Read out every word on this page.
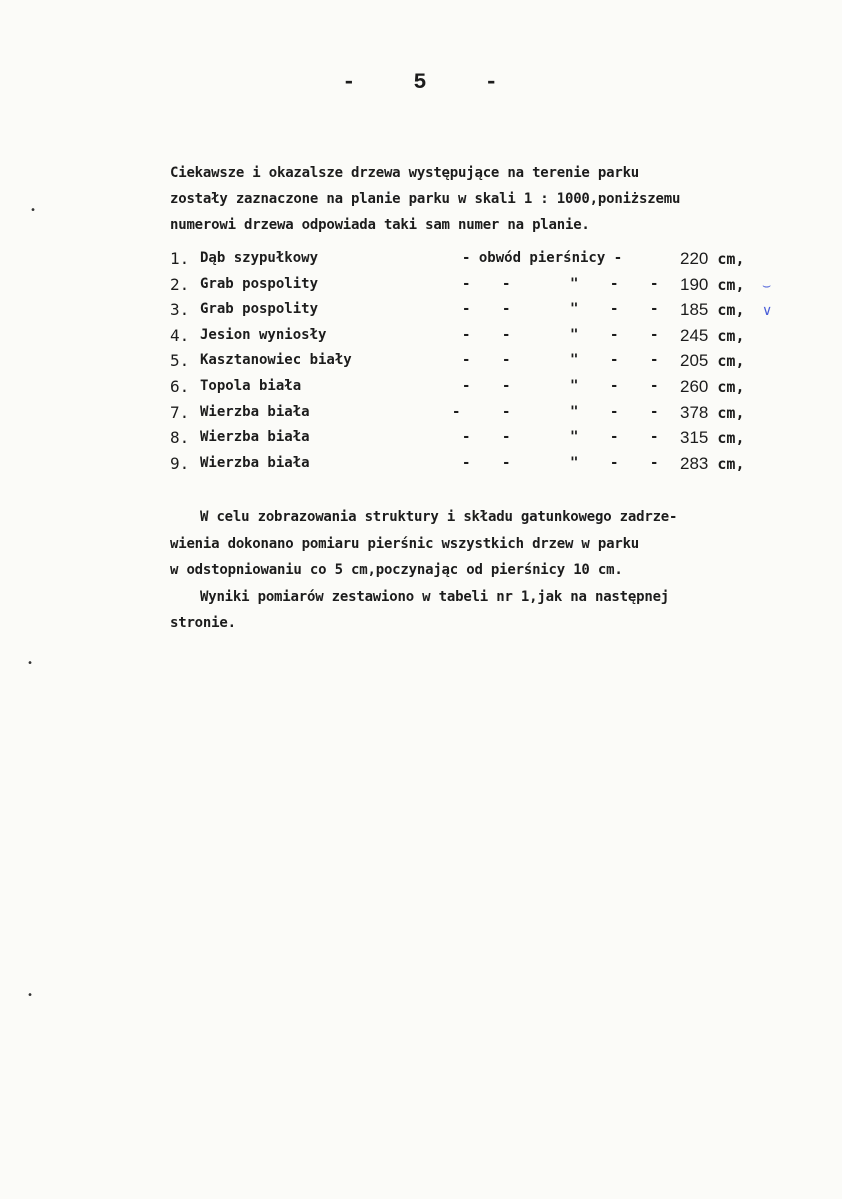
-	5	-

Ciekawsze i okazalsze drzewa występujące na terenie parku

zostały zaznaczone na planie parku w skali 1 : 1000,poniższemu

numerowi drzewa odpowiada taki sam numer na planie.

1. Dąb szypułkowy	- obwód pierśnicy -	220 cm,
2. Grab pospolity	- -	" - - 190 cm, ⌣
3. Grab pospolity	- -	" - - 185 cm, ∨
4. Jesion wyniosły	- -	" - - 245 cm,
5. Kasztanowiec biały	- -	" - - 205 cm,
6. Topola biała	- -	" - - 260 cm,
7. Wierzba biała	-	-	" - - 378 cm,
8. Wierzba biała	- -	" - - 315 cm,
9. Wierzba biała	- -	" - - 283 cm,

W celu zobrazowania struktury i składu gatunkowego zadrze-

wienia dokonano pomiaru pierśnic wszystkich drzew w parku

w odstopniowaniu co 5 cm,poczynając od pierśnicy 10 cm.

Wyniki pomiarów zestawiono w tabeli nr 1,jak na następnej

stronie.

•
•
•
